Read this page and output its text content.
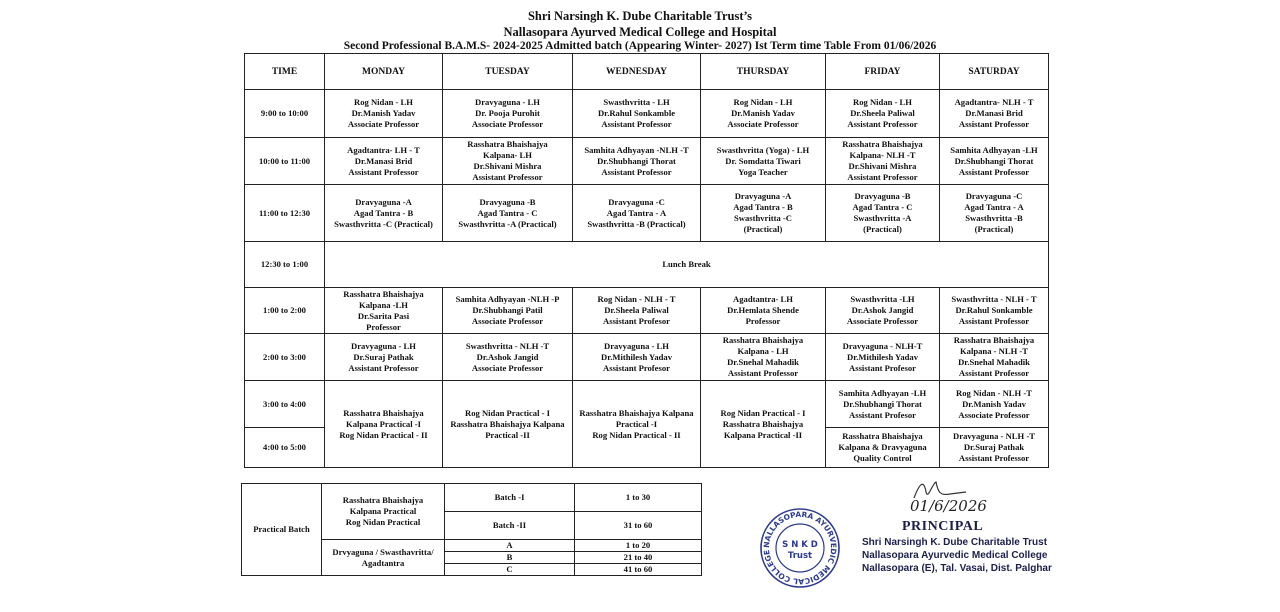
Shri Narsingh K. Dube Charitable Trust’s
Nallasopara Ayurved Medical College and Hospital
Second Professional B.A.M.S- 2024-2025 Admitted batch (Appearing Winter- 2027) Ist Term time Table From 01/06/2026
TIME	MONDAY	TUESDAY	WEDNESDAY	THURSDAY	FRIDAY	SATURDAY
9:00 to 10:00	Rog Nidan - LH
Dr.Manish Yadav
Associate Professor	Dravyaguna - LH
Dr. Pooja Purohit
Associate Professor	Swasthvritta - LH
Dr.Rahul Sonkamble
Assistant Professor	Rog Nidan - LH
Dr.Manish Yadav
Associate Professor	Rog Nidan - LH
Dr.Sheela Paliwal
Assistant Professor	Agadtantra- NLH - T
Dr.Manasi Brid
Assistant Professor

10:00 to 11:00	Agadtantra- LH - T
Dr.Manasi Brid
Assistant Professor	Rasshatra Bhaishajya
Kalpana- LH
Dr.Shivani Mishra
Assistant Professor	Samhita Adhyayan -NLH -T
Dr.Shubhangi Thorat
Assistant Professor	Swasthvritta (Yoga) - LH
Dr. Somdatta Tiwari
Yoga Teacher	Rasshatra Bhaishajya
Kalpana- NLH -T
Dr.Shivani Mishra
Assistant Professor	Samhita Adhyayan -LH
Dr.Shubhangi Thorat
Assistant Professor

11:00 to 12:30	Dravyaguna -A
Agad Tantra - B
Swasthvritta -C (Practical)	Dravyaguna -B
Agad Tantra - C
Swasthvritta -A (Practical)	Dravyaguna -C
Agad Tantra - A
Swasthvritta -B (Practical)	Dravyaguna -A
Agad Tantra - B
Swasthvritta -C
(Practical)	Dravyaguna -B
Agad Tantra - C
Swasthvritta -A
(Practical)	Dravyaguna -C
Agad Tantra - A
Swasthvritta -B
(Practical)

12:30 to 1:00	Lunch Break					
1:00 to 2:00	Rasshatra Bhaishajya
Kalpana -LH
Dr.Sarita Pasi
Professor	Samhita Adhyayan -NLH -P
Dr.Shubhangi Patil
Associate Professor	Rog Nidan - NLH - T
Dr.Sheela Paliwal
Assistant Profesor	Agadtantra- LH
Dr.Hemlata Shende
Professor	Swasthvritta -LH
Dr.Ashok Jangid
Associate Professor	Swasthvritta - NLH - T
Dr.Rahul Sonkamble
Assistant Professor

2:00 to 3:00	Dravyaguna - LH
Dr.Suraj Pathak
Assistant Professor	Swasthvritta - NLH -T
Dr.Ashok Jangid
Associate Professor	Dravyaguna - LH
Dr.Mithilesh Yadav
Assistant Profesor	Rasshatra Bhaishajya
Kalpana - LH
Dr.Snehal Mahadik
Assistant Professor	Dravyaguna - NLH-T
Dr.Mithilesh Yadav
Assistant Profesor	Rasshatra Bhaishajya
Kalpana - NLH -T
Dr.Snehal Mahadik
Assistant Professor

3:00 to 4:00	Rasshatra Bhaishajya
Kalpana Practical -I
Rog Nidan Practical - II	Rog Nidan Practical - I
Rasshatra Bhaishajya Kalpana
Practical -II	Rasshatra Bhaishajya Kalpana
Practical -I
Rog Nidan Practical - II	Rog Nidan Practical - I
Rasshatra Bhaishajya
Kalpana Practical -II	Samhita Adhyayan -LH
Dr.Shubhangi Thorat
Assistant Profesor	Rog Nidan - NLH -T
Dr.Manish Yadav
Associate Professor

4:00 to 5:00					Rasshatra Bhaishajya
Kalpana & Dravyaguna
Quality Control	Dravyaguna - NLH -T
Dr.Suraj Pathak
Assistant Professor
Practical Batch	Rasshatra Bhaishajya
Kalpana Practical
Rog Nidan Practical	Batch -I	1 to 30
		Batch -II	31 to 60

	Drvyaguna / Swasthavritta/
Agadtantra	A	1 to 20
		B	21 to 40
		C	41 to 60
01/6/2026
PRINCIPAL
Shri Narsingh K. Dube Charitable Trust
Nallasopara Ayurvedic Medical College
Nallasopara (E), Tal. Vasai, Dist. Palghar
NALLASOPARA AYURVEDIC MEDICAL COLLEGE
S N K D
Trust
